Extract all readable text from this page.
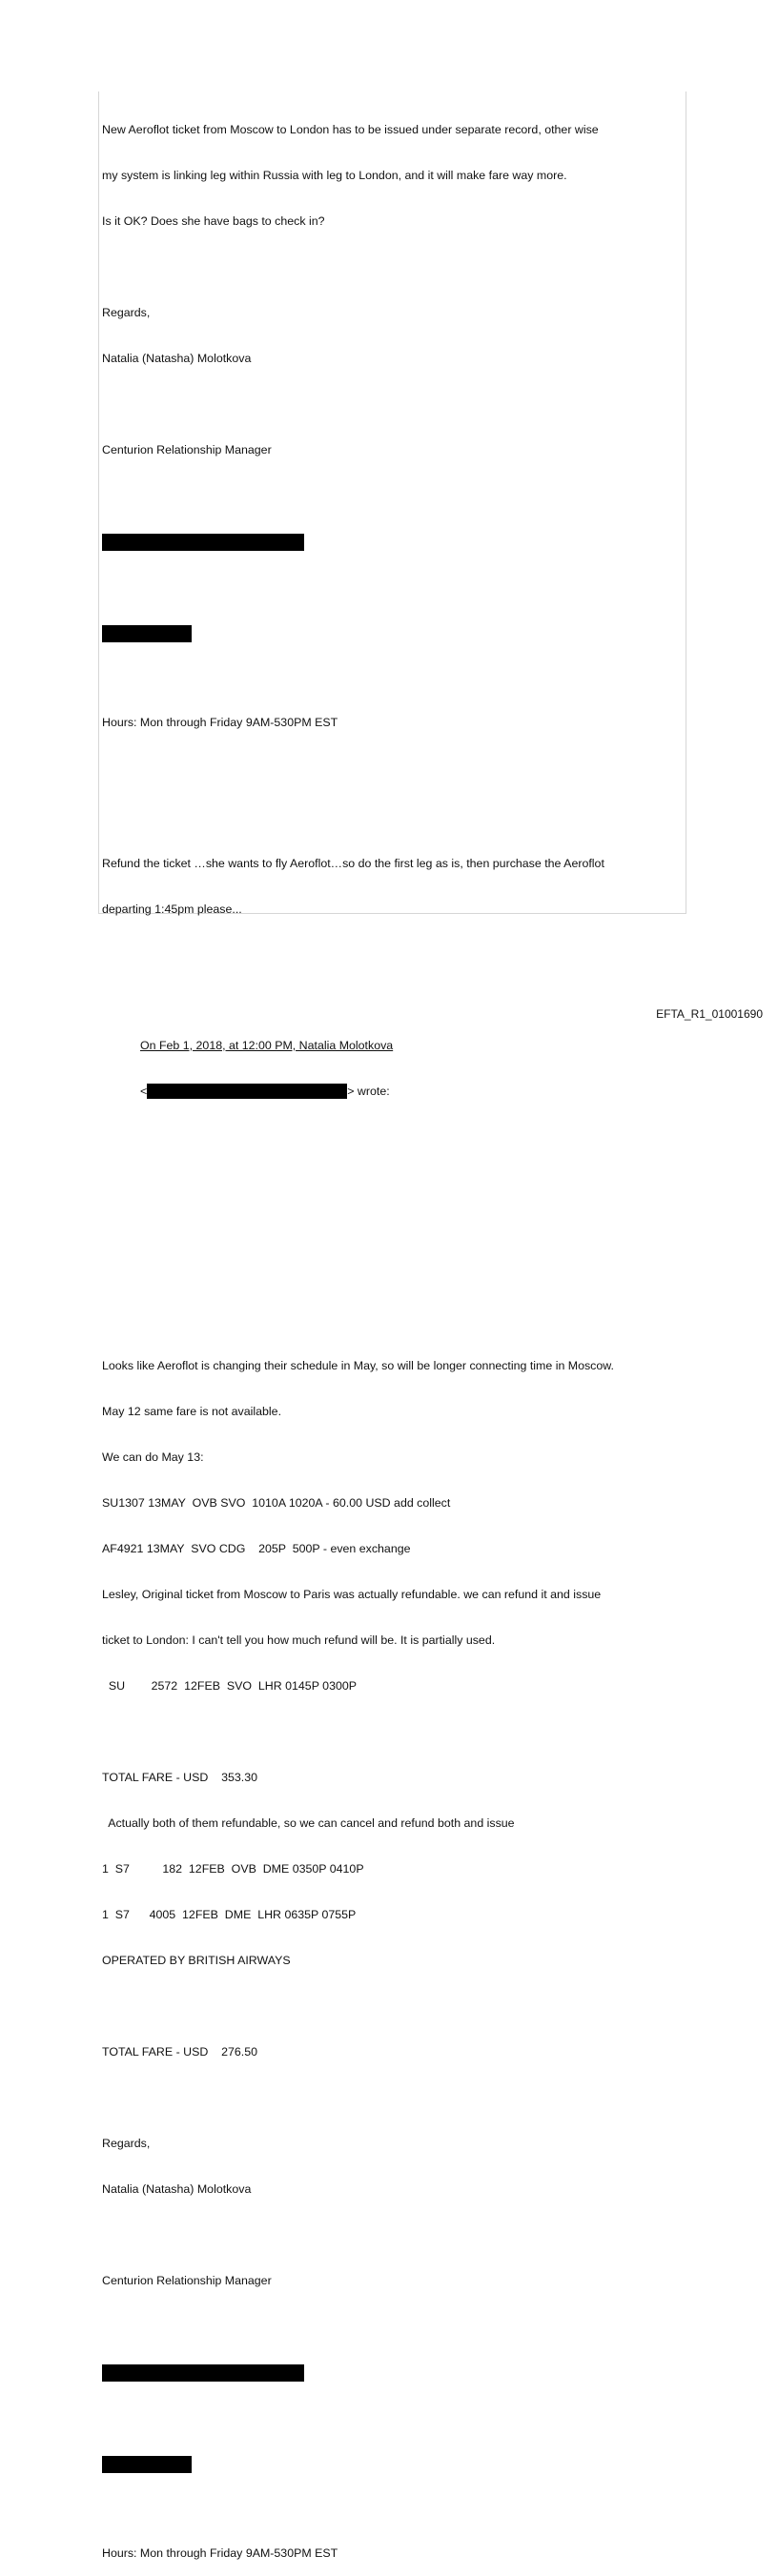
New Aeroflot ticket from Moscow to London has to be issued under separate record, other wise

my system is linking leg within Russia with leg to London, and it will make fare way more.

Is it OK? Does she have bags to check in?

Regards,

Natalia (Natasha) Molotkova

Centurion Relationship Manager

Hours: Mon through Friday 9AM-530PM EST

Refund the ticket …she wants to fly Aeroflot…so do the first leg as is, then purchase the Aeroflot

departing 1:45pm please...

On Feb 1, 2018, at 12:00 PM, Natalia Molotkova

<	> wrote:

Looks like Aeroflot is changing their schedule in May, so will be longer connecting time in Moscow.

May 12 same fare is not available.

We can do May 13:

SU1307 13MAY  OVB SVO  1010A 1020A - 60.00 USD add collect

AF4921 13MAY  SVO CDG    205P  500P - even exchange

Lesley, Original ticket from Moscow to Paris was actually refundable. we can refund it and issue

ticket to London: I can't tell you how much refund will be. It is partially used.

SU        2572  12FEB  SVO  LHR 0145P 0300P

TOTAL FARE - USD    353.30

Actually both of them refundable, so we can cancel and refund both and issue

1  S7          182  12FEB  OVB  DME 0350P 0410P

1  S7      4005  12FEB  DME  LHR 0635P 0755P

OPERATED BY BRITISH AIRWAYS

TOTAL FARE - USD    276.50

Regards,

Natalia (Natasha) Molotkova

Centurion Relationship Manager

Hours: Mon through Friday 9AM-530PM EST

EFTA_R1_01001690
